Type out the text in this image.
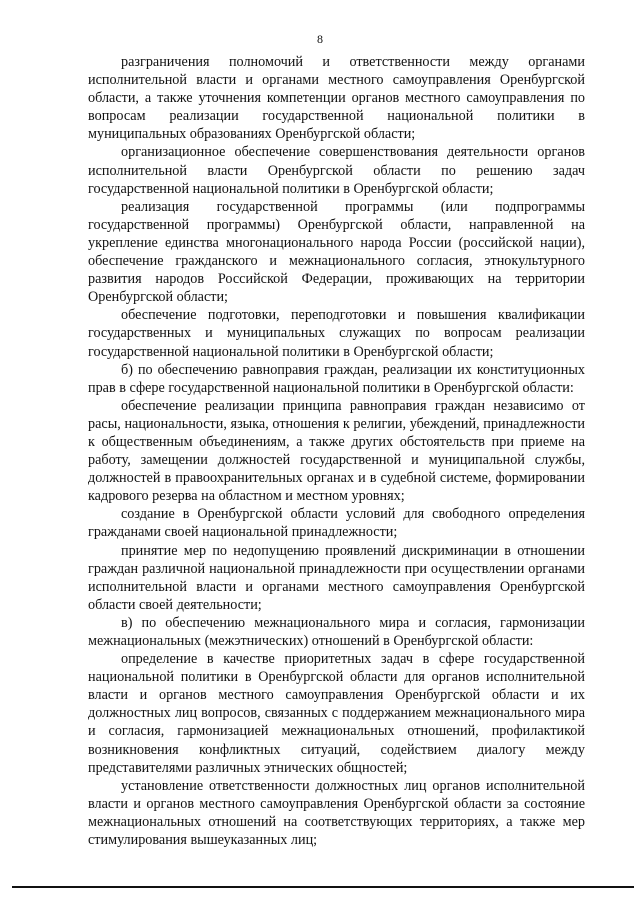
8

разграничения полномочий и ответственности между органами исполнительной власти и органами местного самоуправления Оренбургской области, а также уточнения компетенции органов местного самоуправления по вопросам реализации государственной национальной политики в муниципальных образованиях Оренбургской области;

организационное обеспечение совершенствования деятельности органов исполнительной власти Оренбургской области по решению задач государственной национальной политики в Оренбургской области;

реализация государственной программы (или подпрограммы государственной программы) Оренбургской области, направленной на укрепление единства многонационального народа России (российской нации), обеспечение гражданского и межнационального согласия, этнокультурного развития народов Российской Федерации, проживающих на территории Оренбургской области;

обеспечение подготовки, переподготовки и повышения квалификации государственных и муниципальных служащих по вопросам реализации государственной национальной политики в Оренбургской области;

б) по обеспечению равноправия граждан, реализации их конституционных прав в сфере государственной национальной политики в Оренбургской области:

обеспечение реализации принципа равноправия граждан независимо от расы, национальности, языка, отношения к религии, убеждений, принадлежности к общественным объединениям, а также других обстоятельств при приеме на работу, замещении должностей государственной и муниципальной службы, должностей в правоохранительных органах и в судебной системе, формировании кадрового резерва на областном и местном уровнях;

создание в Оренбургской области условий для свободного определения гражданами своей национальной принадлежности;

принятие мер по недопущению проявлений дискриминации в отношении граждан различной национальной принадлежности при осуществлении органами исполнительной власти и органами местного самоуправления Оренбургской области своей деятельности;

в) по обеспечению межнационального мира и согласия, гармонизации межнациональных (межэтнических) отношений в Оренбургской области:

определение в качестве приоритетных задач в сфере государственной национальной политики в Оренбургской области для органов исполнительной власти и органов местного самоуправления Оренбургской области и их должностных лиц вопросов, связанных с поддержанием межнационального мира и согласия, гармонизацией межнациональных отношений, профилактикой возникновения конфликтных ситуаций, содействием диалогу между представителями различных этнических общностей;

установление ответственности должностных лиц органов исполнительной власти и органов местного самоуправления Оренбургской области за состояние межнациональных отношений на соответствующих территориях, а также мер стимулирования вышеуказанных лиц;
